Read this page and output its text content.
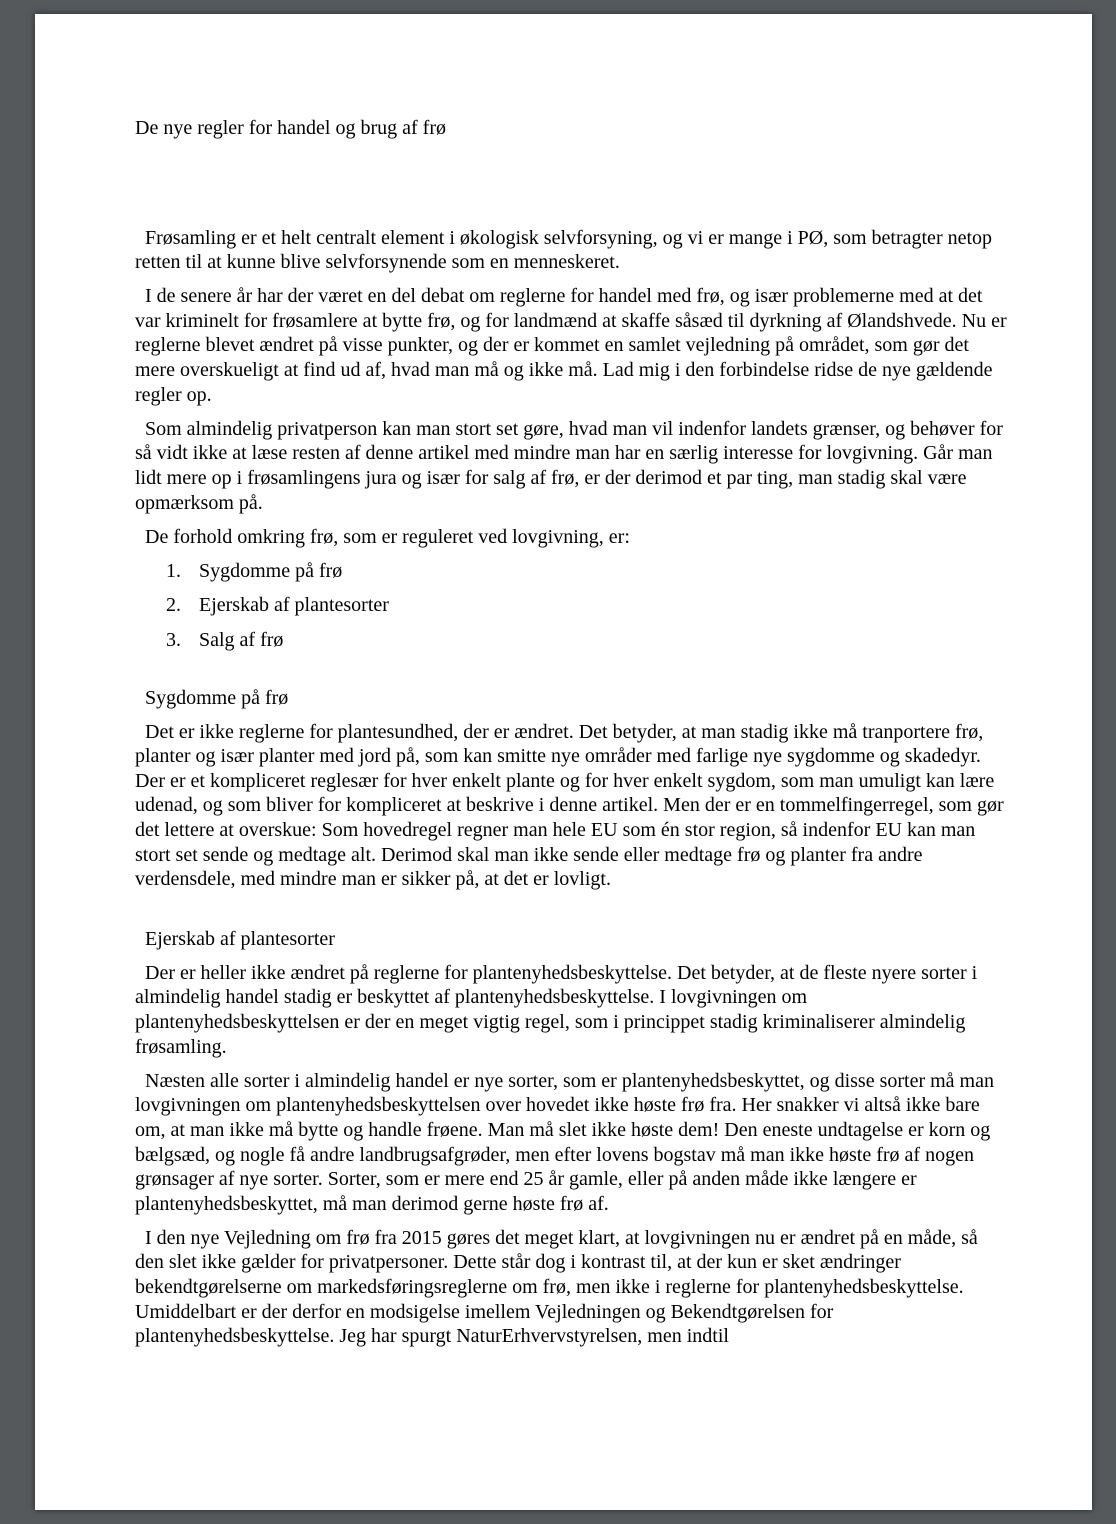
De nye regler for handel og brug af frø

Frøsamling er et helt centralt element i økologisk selvforsyning, og vi er mange i PØ, som betragter netop retten til at kunne blive selvforsynende som en menneskeret.

I de senere år har der været en del debat om reglerne for handel med frø, og især problemerne med at det var kriminelt for frøsamlere at bytte frø, og for landmænd at skaffe såsæd til dyrkning af Ølandshvede. Nu er reglerne blevet ændret på visse punkter, og der er kommet en samlet vejledning på området, som gør det mere overskueligt at find ud af, hvad man må og ikke må. Lad mig i den forbindelse ridse de nye gældende regler op.

Som almindelig privatperson kan man stort set gøre, hvad man vil indenfor landets grænser, og behøver for så vidt ikke at læse resten af denne artikel med mindre man har en særlig interesse for lovgivning. Går man lidt mere op i frøsamlingens jura og især for salg af frø, er der derimod et par ting, man stadig skal være opmærksom på.

De forhold omkring frø, som er reguleret ved lovgivning, er:

1. Sygdomme på frø
2. Ejerskab af plantesorter
3. Salg af frø
Sygdomme på frø

Det er ikke reglerne for plantesundhed, der er ændret. Det betyder, at man stadig ikke må tranportere frø, planter og især planter med jord på, som kan smitte nye områder med farlige nye sygdomme og skadedyr. Der er et kompliceret reglesær for hver enkelt plante og for hver enkelt sygdom, som man umuligt kan lære udenad, og som bliver for kompliceret at beskrive i denne artikel. Men der er en tommelfingerregel, som gør det lettere at overskue: Som hovedregel regner man hele EU som én stor region, så indenfor EU kan man stort set sende og medtage alt. Derimod skal man ikke sende eller medtage frø og planter fra andre verdensdele, med mindre man er sikker på, at det er lovligt.

Ejerskab af plantesorter

Der er heller ikke ændret på reglerne for plantenyhedsbeskyttelse. Det betyder, at de fleste nyere sorter i almindelig handel stadig er beskyttet af plantenyhedsbeskyttelse. I lovgivningen om plantenyhedsbeskyttelsen er der en meget vigtig regel, som i princippet stadig kriminaliserer almindelig frøsamling.

Næsten alle sorter i almindelig handel er nye sorter, som er plantenyhedsbeskyttet, og disse sorter må man lovgivningen om plantenyhedsbeskyttelsen over hovedet ikke høste frø fra. Her snakker vi altså ikke bare om, at man ikke må bytte og handle frøene. Man må slet ikke høste dem! Den eneste undtagelse er korn og bælgsæd, og nogle få andre landbrugsafgrøder, men efter lovens bogstav må man ikke høste frø af nogen grønsager af nye sorter. Sorter, som er mere end 25 år gamle, eller på anden måde ikke længere er plantenyhedsbeskyttet, må man derimod gerne høste frø af.

I den nye Vejledning om frø fra 2015 gøres det meget klart, at lovgivningen nu er ændret på en måde, så den slet ikke gælder for privatpersoner. Dette står dog i kontrast til, at der kun er sket ændringer bekendtgørelserne om markedsføringsreglerne om frø, men ikke i reglerne for plantenyhedsbeskyttelse. Umiddelbart er der derfor en modsigelse imellem Vejledningen og Bekendtgørelsen for plantenyhedsbeskyttelse. Jeg har spurgt NaturErhvervstyrelsen, men indtil
